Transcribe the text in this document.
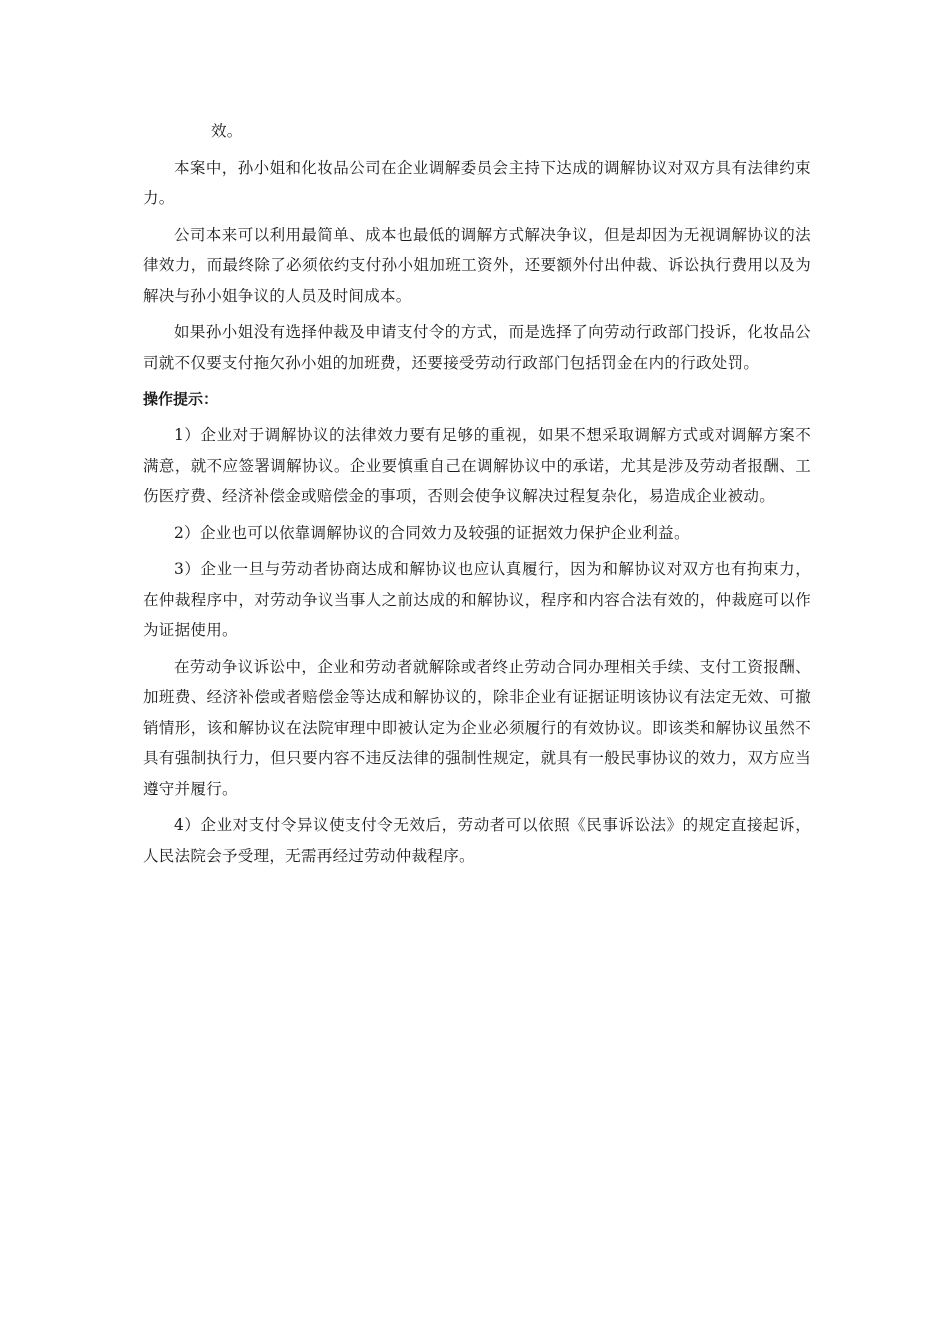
效。

本案中，孙小姐和化妆品公司在企业调解委员会主持下达成的调解协议对双方具有法律约束力。

公司本来可以利用最简单、成本也最低的调解方式解决争议，但是却因为无视调解协议的法律效力，而最终除了必须依约支付孙小姐加班工资外，还要额外付出仲裁、诉讼执行费用以及为解决与孙小姐争议的人员及时间成本。

如果孙小姐没有选择仲裁及申请支付令的方式，而是选择了向劳动行政部门投诉，化妆品公司就不仅要支付拖欠孙小姐的加班费，还要接受劳动行政部门包括罚金在内的行政处罚。

操作提示：

1）企业对于调解协议的法律效力要有足够的重视，如果不想采取调解方式或对调解方案不满意，就不应签署调解协议。企业要慎重自己在调解协议中的承诺，尤其是涉及劳动者报酬、工伤医疗费、经济补偿金或赔偿金的事项，否则会使争议解决过程复杂化，易造成企业被动。

2）企业也可以依靠调解协议的合同效力及较强的证据效力保护企业利益。

3）企业一旦与劳动者协商达成和解协议也应认真履行，因为和解协议对双方也有拘束力，在仲裁程序中，对劳动争议当事人之前达成的和解协议，程序和内容合法有效的，仲裁庭可以作为证据使用。

在劳动争议诉讼中，企业和劳动者就解除或者终止劳动合同办理相关手续、支付工资报酬、加班费、经济补偿或者赔偿金等达成和解协议的，除非企业有证据证明该协议有法定无效、可撤销情形，该和解协议在法院审理中即被认定为企业必须履行的有效协议。即该类和解协议虽然不具有强制执行力，但只要内容不违反法律的强制性规定，就具有一般民事协议的效力，双方应当遵守并履行。

4）企业对支付令异议使支付令无效后，劳动者可以依照《民事诉讼法》的规定直接起诉，人民法院会予受理，无需再经过劳动仲裁程序。
